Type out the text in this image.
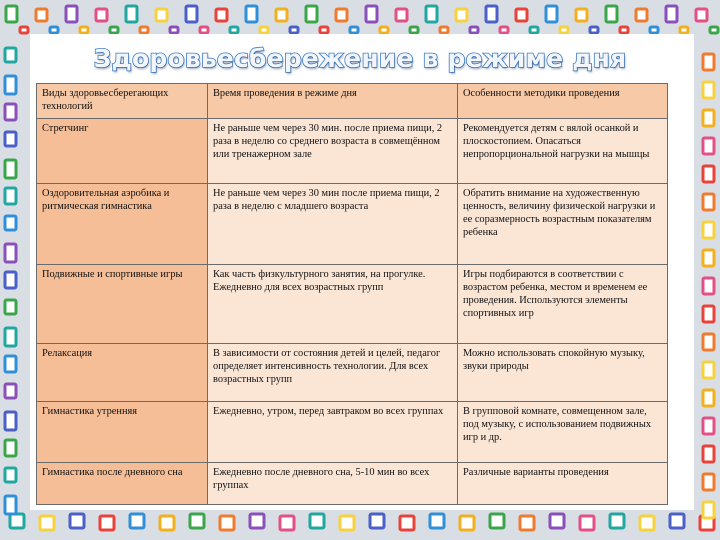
Здоровьесбережение в режиме дня
Виды здоровьесберегающих технологий	Время проведения в режиме дня	Особенности методики проведения
Стретчинг	Не раньше чем через 30 мин. после приема пищи, 2 раза в неделю со среднего возраста в совмещённом или тренажерном зале	Рекомендуется детям с вялой осанкой и плоскостопием. Опасаться непропорциональной нагрузки на мышцы
Оздоровительная аэробика и ритмическая гимнастика	Не раньше чем через 30 мин после приема пищи, 2 раза в неделю с младшего возраста	Обратить внимание на художественную ценность, величину физической нагрузки и ее соразмерность возрастным показателям ребенка
Подвижные и спортивные игры	Как часть физкультурного занятия, на прогулке. Ежедневно для всех возрастных групп	Игры подбираются в соответствии с возрастом ребенка, местом и временем ее проведения. Используются элементы спортивных игр
Релаксация	В зависимости от состояния детей и целей, педагог определяет интенсивность технологии. Для всех возрастных групп	Можно использовать спокойную музыку, звуки природы
Гимнастика утренняя	Ежедневно, утром, перед завтраком во всех группах	В групповой комнате, совмещенном зале, под музыку, с использованием подвижных игр и др.
Гимнастика после дневного сна	Ежедневно после дневного сна, 5-10 мин во всех группах	Различные варианты проведения
